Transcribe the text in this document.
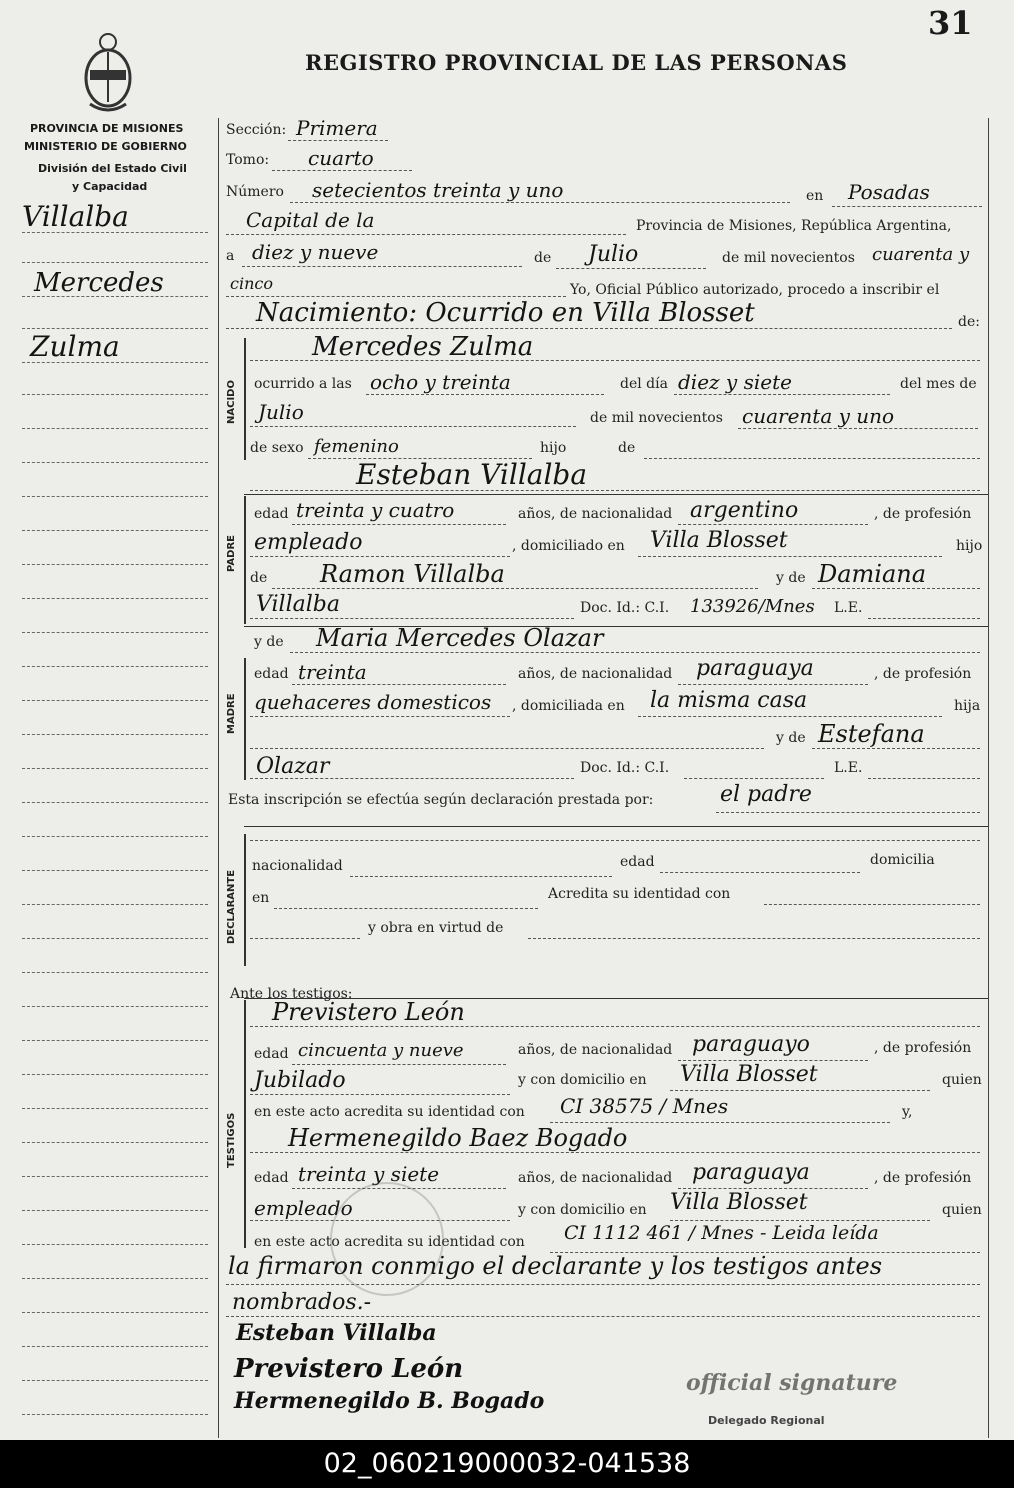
31
REGISTRO PROVINCIAL DE LAS PERSONAS
PROVINCIA DE MISIONES
MINISTERIO DE GOBIERNO
División del Estado Civil
y Capacidad
Villalba
Mercedes
Zulma
Sección: Primera
Tomo: cuarto
Número setecientos treinta y uno	en Posadas
Capital de la	Provincia de Misiones, República Argentina,
a diez y nueve	de Julio	de mil novecientos cuarenta y
cinco	Yo, Oficial Público autorizado, procedo a inscribir el
Nacimiento: Ocurrido en Villa Blosset	de:
NACIDO
Mercedes Zulma
ocurrido a las ocho y treinta	del día diez y siete	del mes de
Julio	de mil novecientos cuarenta y uno
de sexo femenino	hijo	de
Esteban Villalba
PADRE
edad treinta y cuatro	años, de nacionalidad argentino	, de profesión
empleado	, domiciliado en Villa Blosset	hijo
de Ramon Villalba	y de Damiana
Villalba	Doc. Id.: C.I. 133926/Mnes L.E.
y de Maria Mercedes Olazar
MADRE
edad treinta	años, de nacionalidad paraguaya	, de profesión
quehaceres domesticos , domiciliada en la misma casa	hija
y de Estefana
Olazar	Doc. Id.: C.I.	L.E.
Esta inscripción se efectúa según declaración prestada por:	el padre
DECLARANTE
nacionalidad	edad	domicilia
en	Acredita su identidad con
y obra en virtud de
Ante los testigos:
TESTIGOS
Previstero León
edad cincuenta y nueve	años, de nacionalidad paraguayo	, de profesión
Jubilado	y con domicilio en Villa Blosset	quien
en este acto acredita su identidad con CI 38575 / Mnes	y,
Hermenegildo Baez Bogado
edad treinta y siete	años, de nacionalidad paraguaya	, de profesión
empleado	y con domicilio en Villa Blosset	quien
en este acto acredita su identidad con CI 1112 461 / Mnes - Leida leída
la firmaron conmigo el declarante y los testigos antes
nombrados.-
Esteban Villalba
Previstero León
Hermenegildo B. Bogado
official signature
Delegado Regional
02_060219000032-041538
